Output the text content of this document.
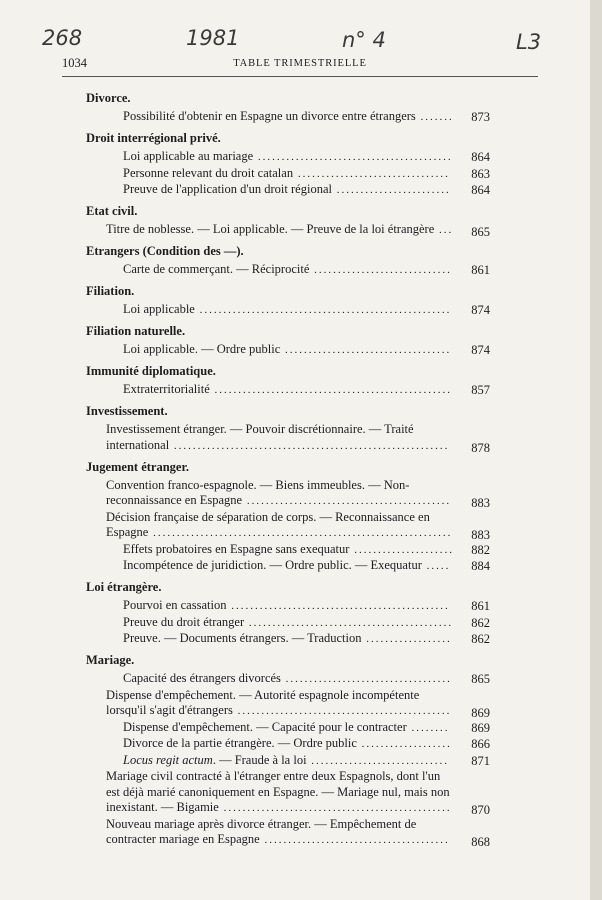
268	1981	n° 4	L3
1034	TABLE TRIMESTRIELLE
Divorce.
Possibilité d'obtenir en Espagne un divorce entre étrangers .......	873
Droit interrégional privé.
Loi applicable au mariage .........................................	864
Personne relevant du droit catalan ................................	863
Preuve de l'application d'un droit régional ........................	864
Etat civil.
Titre de noblesse. — Loi applicable. — Preuve de la loi étrangère ...	865
Etrangers (Condition des —).
Carte de commerçant. — Réciprocité .............................	861
Filiation.
Loi applicable .....................................................	874
Filiation naturelle.
Loi applicable. — Ordre public ...................................	874
Immunité diplomatique.
Extraterritorialité ..................................................	857
Investissement.
Investissement étranger. — Pouvoir discrétionnaire. — Traité international ..........................................................	878
Jugement étranger.
Convention franco-espagnole. — Biens immeubles. — Non-reconnaissance en Espagne ...........................................	883
Décision française de séparation de corps. — Reconnaissance en Espagne ...............................................................	883
Effets probatoires en Espagne sans exequatur .....................	882
Incompétence de juridiction. — Ordre public. — Exequatur .....	884
Loi étrangère.
Pourvoi en cassation ..............................................	861
Preuve du droit étranger ...........................................	862
Preuve. — Documents étrangers. — Traduction ..................	862
Mariage.
Capacité des étrangers divorcés ...................................	865
Dispense d'empêchement. — Autorité espagnole incompétente lorsqu'il s'agit d'étrangers .............................................	869
Dispense d'empêchement. — Capacité pour le contracter ........	869
Divorce de la partie étrangère. — Ordre public ...................	866
Locus regit actum. — Fraude à la loi .............................	871
Mariage civil contracté à l'étranger entre deux Espagnols, dont l'un est déjà marié canoniquement en Espagne. — Mariage nul, mais non inexistant. — Bigamie ................................................	870
Nouveau mariage après divorce étranger. — Empêchement de contracter mariage en Espagne .......................................	868
